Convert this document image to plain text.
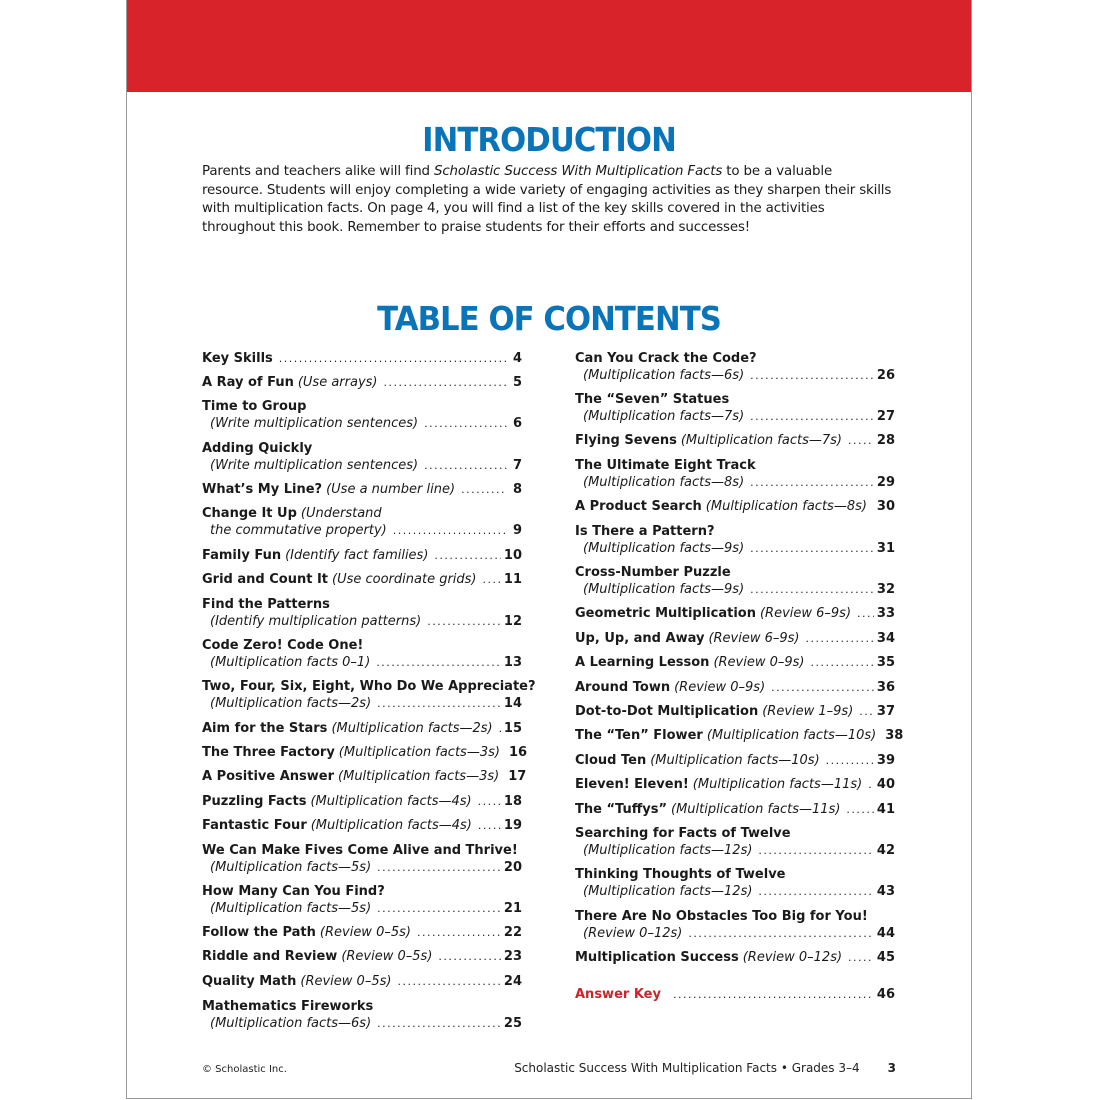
INTRODUCTION

Parents and teachers alike will find Scholastic Success With Multiplication Facts to be a valuable resource. Students will enjoy completing a wide variety of engaging activities as they sharpen their skills with multiplication facts. On page 4, you will find a list of the key skills covered in the activities throughout this book. Remember to praise students for their efforts and successes!

TABLE OF CONTENTS
Key Skills .....	4
A Ray of Fun (Use arrays) .....	5
Time to Group
(Write multiplication sentences) .....	6
Adding Quickly
(Write multiplication sentences) .....	7
What’s My Line? (Use a number line) .....	8
Change It Up (Understand
the commutative property) .....	9
Family Fun (Identify fact families) .....	10
Grid and Count It (Use coordinate grids) ..... 11
Find the Patterns
(Identify multiplication patterns) .....	12
Code Zero! Code One!
(Multiplication facts 0–1) .....	13
Two, Four, Six, Eight, Who Do We Appreciate?
(Multiplication facts—2s) .....	14
Aim for the Stars (Multiplication facts—2s) ..... 15
The Three Factory (Multiplication facts—3s) 16
A Positive Answer (Multiplication facts—3s) 17
Puzzling Facts (Multiplication facts—4s) ..... 18
Fantastic Four (Multiplication facts—4s) ..... 19
We Can Make Fives Come Alive and Thrive!
(Multiplication facts—5s) .....	20
How Many Can You Find?
(Multiplication facts—5s) .....	21
Follow the Path (Review 0–5s) .....	22
Riddle and Review (Review 0–5s) .....	23
Quality Math (Review 0–5s) .....	24
Mathematics Fireworks
(Multiplication facts—6s) .....	25
Can You Crack the Code?
(Multiplication facts—6s) .....	26
The “Seven” Statues
(Multiplication facts—7s) .....	27
Flying Sevens (Multiplication facts—7s) .....	28
The Ultimate Eight Track
(Multiplication facts—8s) .....	29
A Product Search (Multiplication facts—8s) ..... 30
Is There a Pattern?
(Multiplication facts—9s) .....	31
Cross-Number Puzzle
(Multiplication facts—9s) .....	32
Geometric Multiplication (Review 6–9s) ..... 33
Up, Up, and Away (Review 6–9s) .....	34
A Learning Lesson (Review 0–9s) .....	35
Around Town (Review 0–9s) .....	36
Dot-to-Dot Multiplication (Review 1–9s) ..... 37
The “Ten” Flower (Multiplication facts—10s) 38
Cloud Ten (Multiplication facts—10s) .....	39
Eleven! Eleven! (Multiplication facts—11s) ..... 40
The “Tuffys” (Multiplication facts—11s) .....	41
Searching for Facts of Twelve
(Multiplication facts—12s) .....	42
Thinking Thoughts of Twelve
(Multiplication facts—12s) .....	43
There Are No Obstacles Too Big for You!
(Review 0–12s) .....	44
Multiplication Success (Review 0–12s) .....	45
Answer Key .....	46
© Scholastic Inc.	Scholastic Success With Multiplication Facts • Grades 3–4 3
